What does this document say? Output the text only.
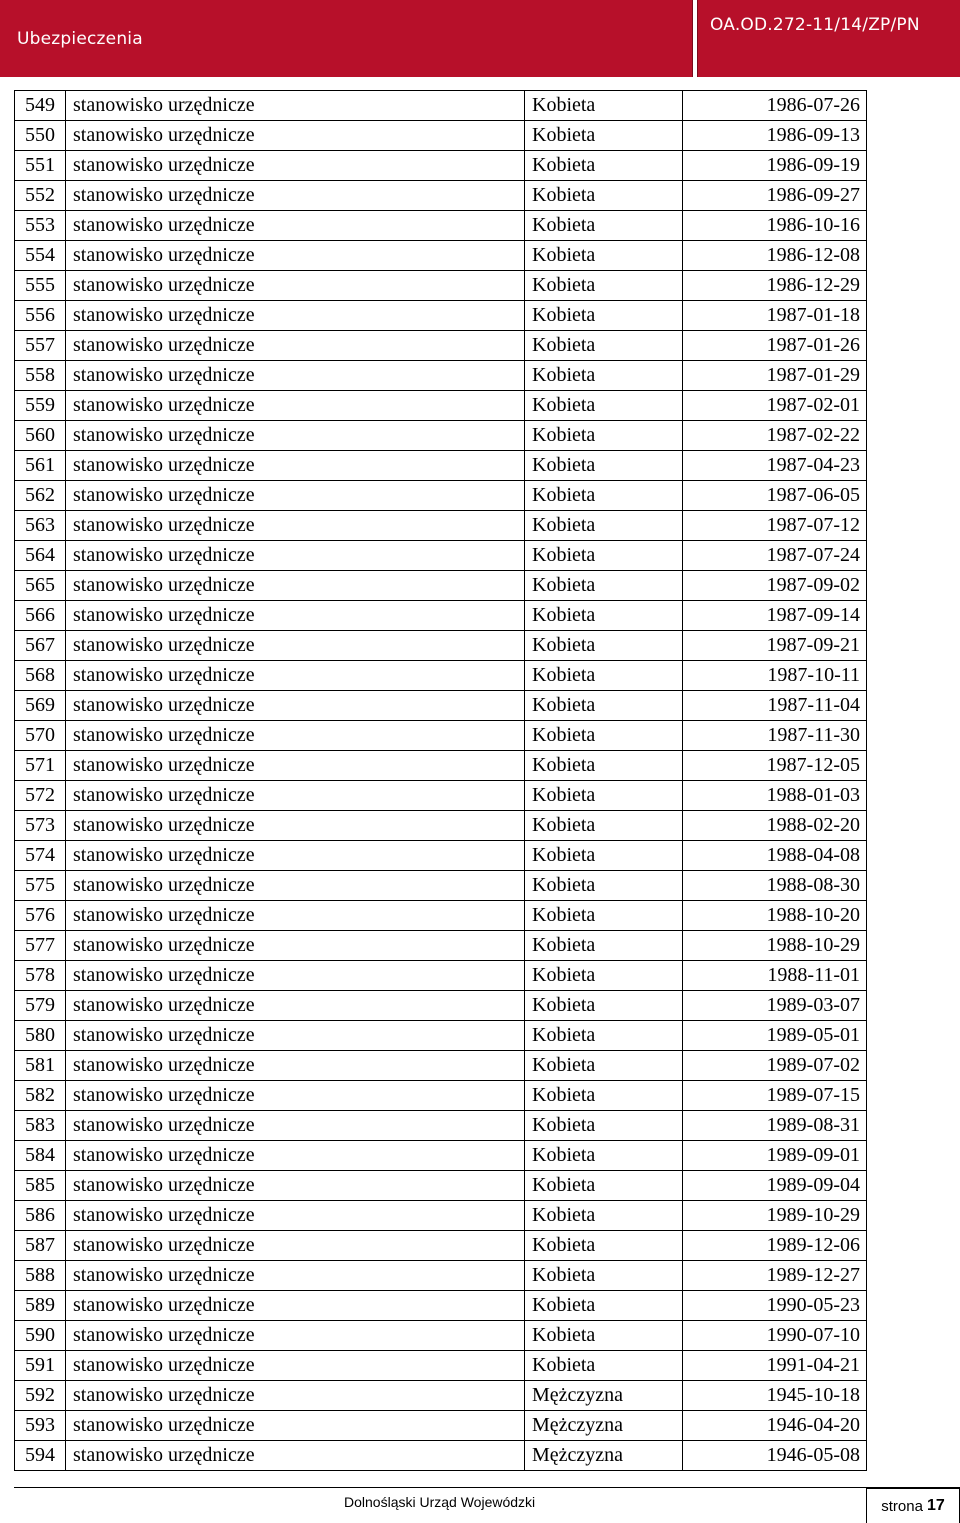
Ubezpieczenia
OA.OD.272-11/14/ZP/PN
549	stanowisko urzędnicze	Kobieta	1986-07-26
550	stanowisko urzędnicze	Kobieta	1986-09-13
551	stanowisko urzędnicze	Kobieta	1986-09-19
552	stanowisko urzędnicze	Kobieta	1986-09-27
553	stanowisko urzędnicze	Kobieta	1986-10-16
554	stanowisko urzędnicze	Kobieta	1986-12-08
555	stanowisko urzędnicze	Kobieta	1986-12-29
556	stanowisko urzędnicze	Kobieta	1987-01-18
557	stanowisko urzędnicze	Kobieta	1987-01-26
558	stanowisko urzędnicze	Kobieta	1987-01-29
559	stanowisko urzędnicze	Kobieta	1987-02-01
560	stanowisko urzędnicze	Kobieta	1987-02-22
561	stanowisko urzędnicze	Kobieta	1987-04-23
562	stanowisko urzędnicze	Kobieta	1987-06-05
563	stanowisko urzędnicze	Kobieta	1987-07-12
564	stanowisko urzędnicze	Kobieta	1987-07-24
565	stanowisko urzędnicze	Kobieta	1987-09-02
566	stanowisko urzędnicze	Kobieta	1987-09-14
567	stanowisko urzędnicze	Kobieta	1987-09-21
568	stanowisko urzędnicze	Kobieta	1987-10-11
569	stanowisko urzędnicze	Kobieta	1987-11-04
570	stanowisko urzędnicze	Kobieta	1987-11-30
571	stanowisko urzędnicze	Kobieta	1987-12-05
572	stanowisko urzędnicze	Kobieta	1988-01-03
573	stanowisko urzędnicze	Kobieta	1988-02-20
574	stanowisko urzędnicze	Kobieta	1988-04-08
575	stanowisko urzędnicze	Kobieta	1988-08-30
576	stanowisko urzędnicze	Kobieta	1988-10-20
577	stanowisko urzędnicze	Kobieta	1988-10-29
578	stanowisko urzędnicze	Kobieta	1988-11-01
579	stanowisko urzędnicze	Kobieta	1989-03-07
580	stanowisko urzędnicze	Kobieta	1989-05-01
581	stanowisko urzędnicze	Kobieta	1989-07-02
582	stanowisko urzędnicze	Kobieta	1989-07-15
583	stanowisko urzędnicze	Kobieta	1989-08-31
584	stanowisko urzędnicze	Kobieta	1989-09-01
585	stanowisko urzędnicze	Kobieta	1989-09-04
586	stanowisko urzędnicze	Kobieta	1989-10-29
587	stanowisko urzędnicze	Kobieta	1989-12-06
588	stanowisko urzędnicze	Kobieta	1989-12-27
589	stanowisko urzędnicze	Kobieta	1990-05-23
590	stanowisko urzędnicze	Kobieta	1990-07-10
591	stanowisko urzędnicze	Kobieta	1991-04-21
592	stanowisko urzędnicze	Mężczyzna	1945-10-18
593	stanowisko urzędnicze	Mężczyzna	1946-04-20
594	stanowisko urzędnicze	Mężczyzna	1946-05-08
Dolnośląski Urząd Wojewódzki	strona 17
